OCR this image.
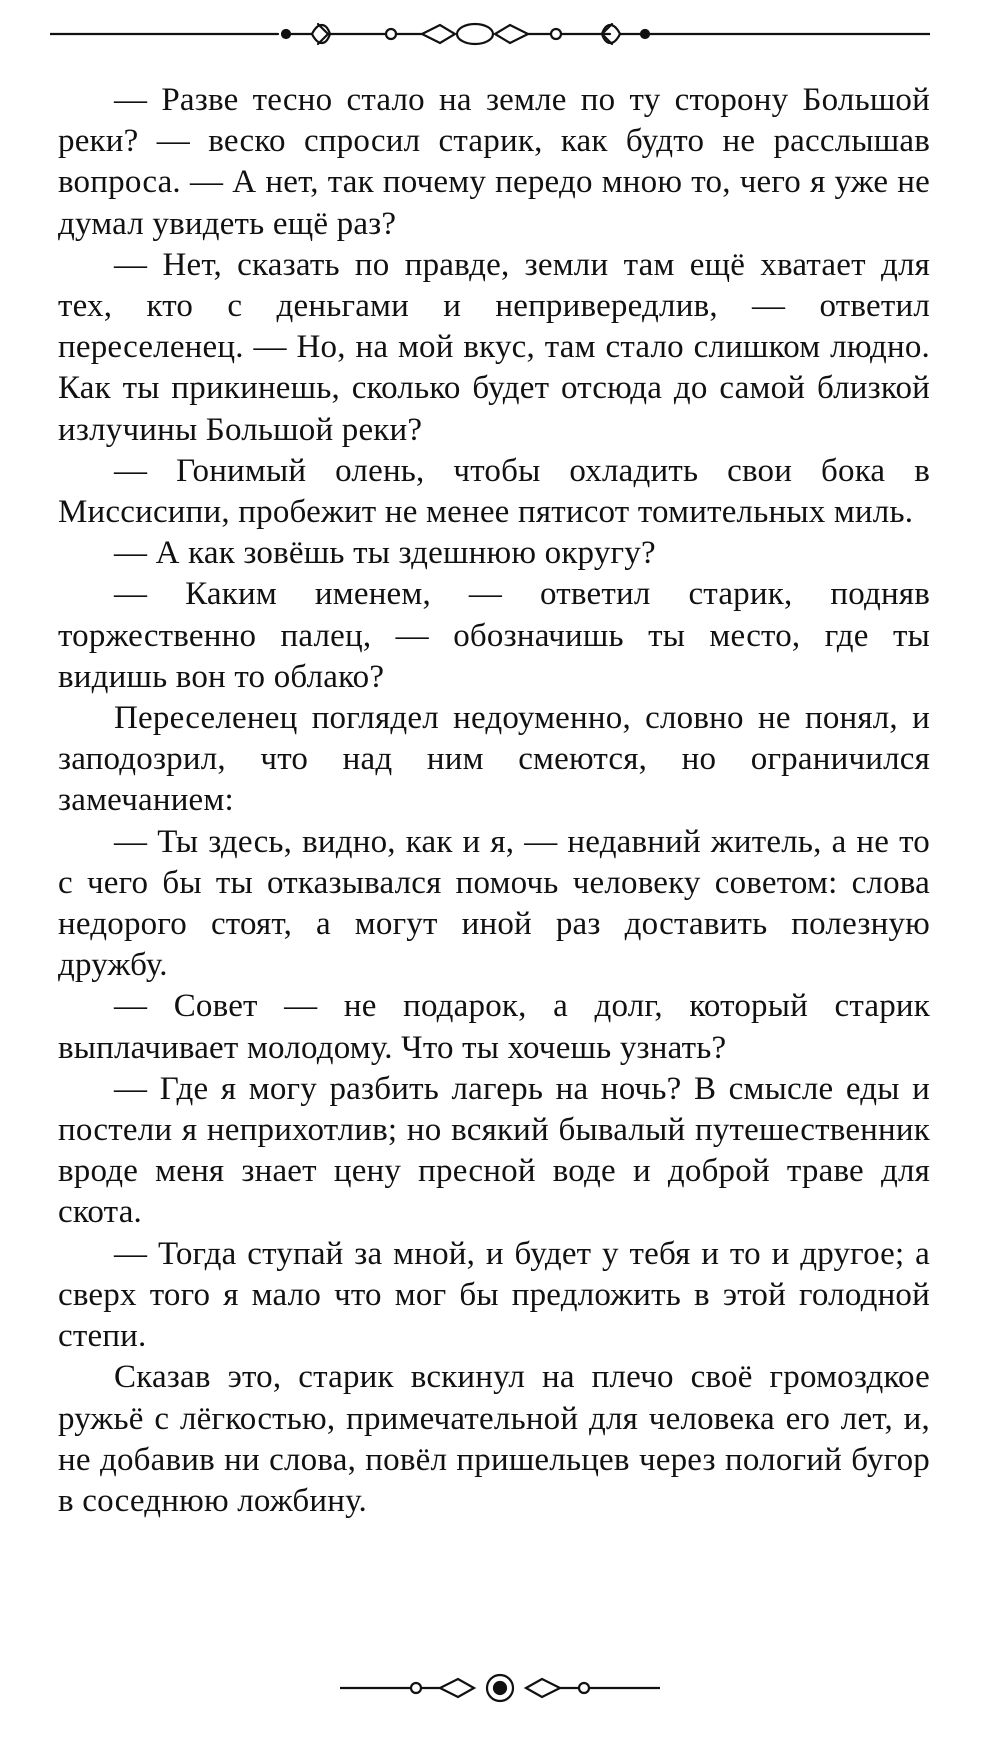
— Разве тесно стало на земле по ту сторону Большой реки? — веско спросил старик, как будто не расслышав вопроса. — А нет, так почему передо мною то, чего я уже не думал увидеть ещё раз?

— Нет, сказать по правде, земли там ещё хватает для тех, кто с деньгами и непривередлив, — ответил переселенец. — Но, на мой вкус, там стало слишком людно. Как ты прикинешь, сколько будет отсюда до самой близкой излучины Большой реки?

— Гонимый олень, чтобы охладить свои бока в Миссисипи, пробежит не менее пятисот томительных миль.

— А как зовёшь ты здешнюю округу?

— Каким именем, — ответил старик, подняв торжественно палец, — обозначишь ты место, где ты видишь вон то облако?

Переселенец поглядел недоуменно, словно не понял, и заподозрил, что над ним смеются, но ограничился замечанием:

— Ты здесь, видно, как и я, — недавний житель, а не то с чего бы ты отказывался помочь человеку советом: слова недорого стоят, а могут иной раз доставить полезную дружбу.

— Совет — не подарок, а долг, который старик выплачивает молодому. Что ты хочешь узнать?

— Где я могу разбить лагерь на ночь? В смысле еды и постели я неприхотлив; но всякий бывалый путешественник вроде меня знает цену пресной воде и доброй траве для скота.

— Тогда ступай за мной, и будет у тебя и то и другое; а сверх того я мало что мог бы предложить в этой голодной степи.

Сказав это, старик вскинул на плечо своё громоздкое ружьё с лёгкостью, примечательной для человека его лет, и, не добавив ни слова, повёл пришельцев через пологий бугор в соседнюю ложбину.
